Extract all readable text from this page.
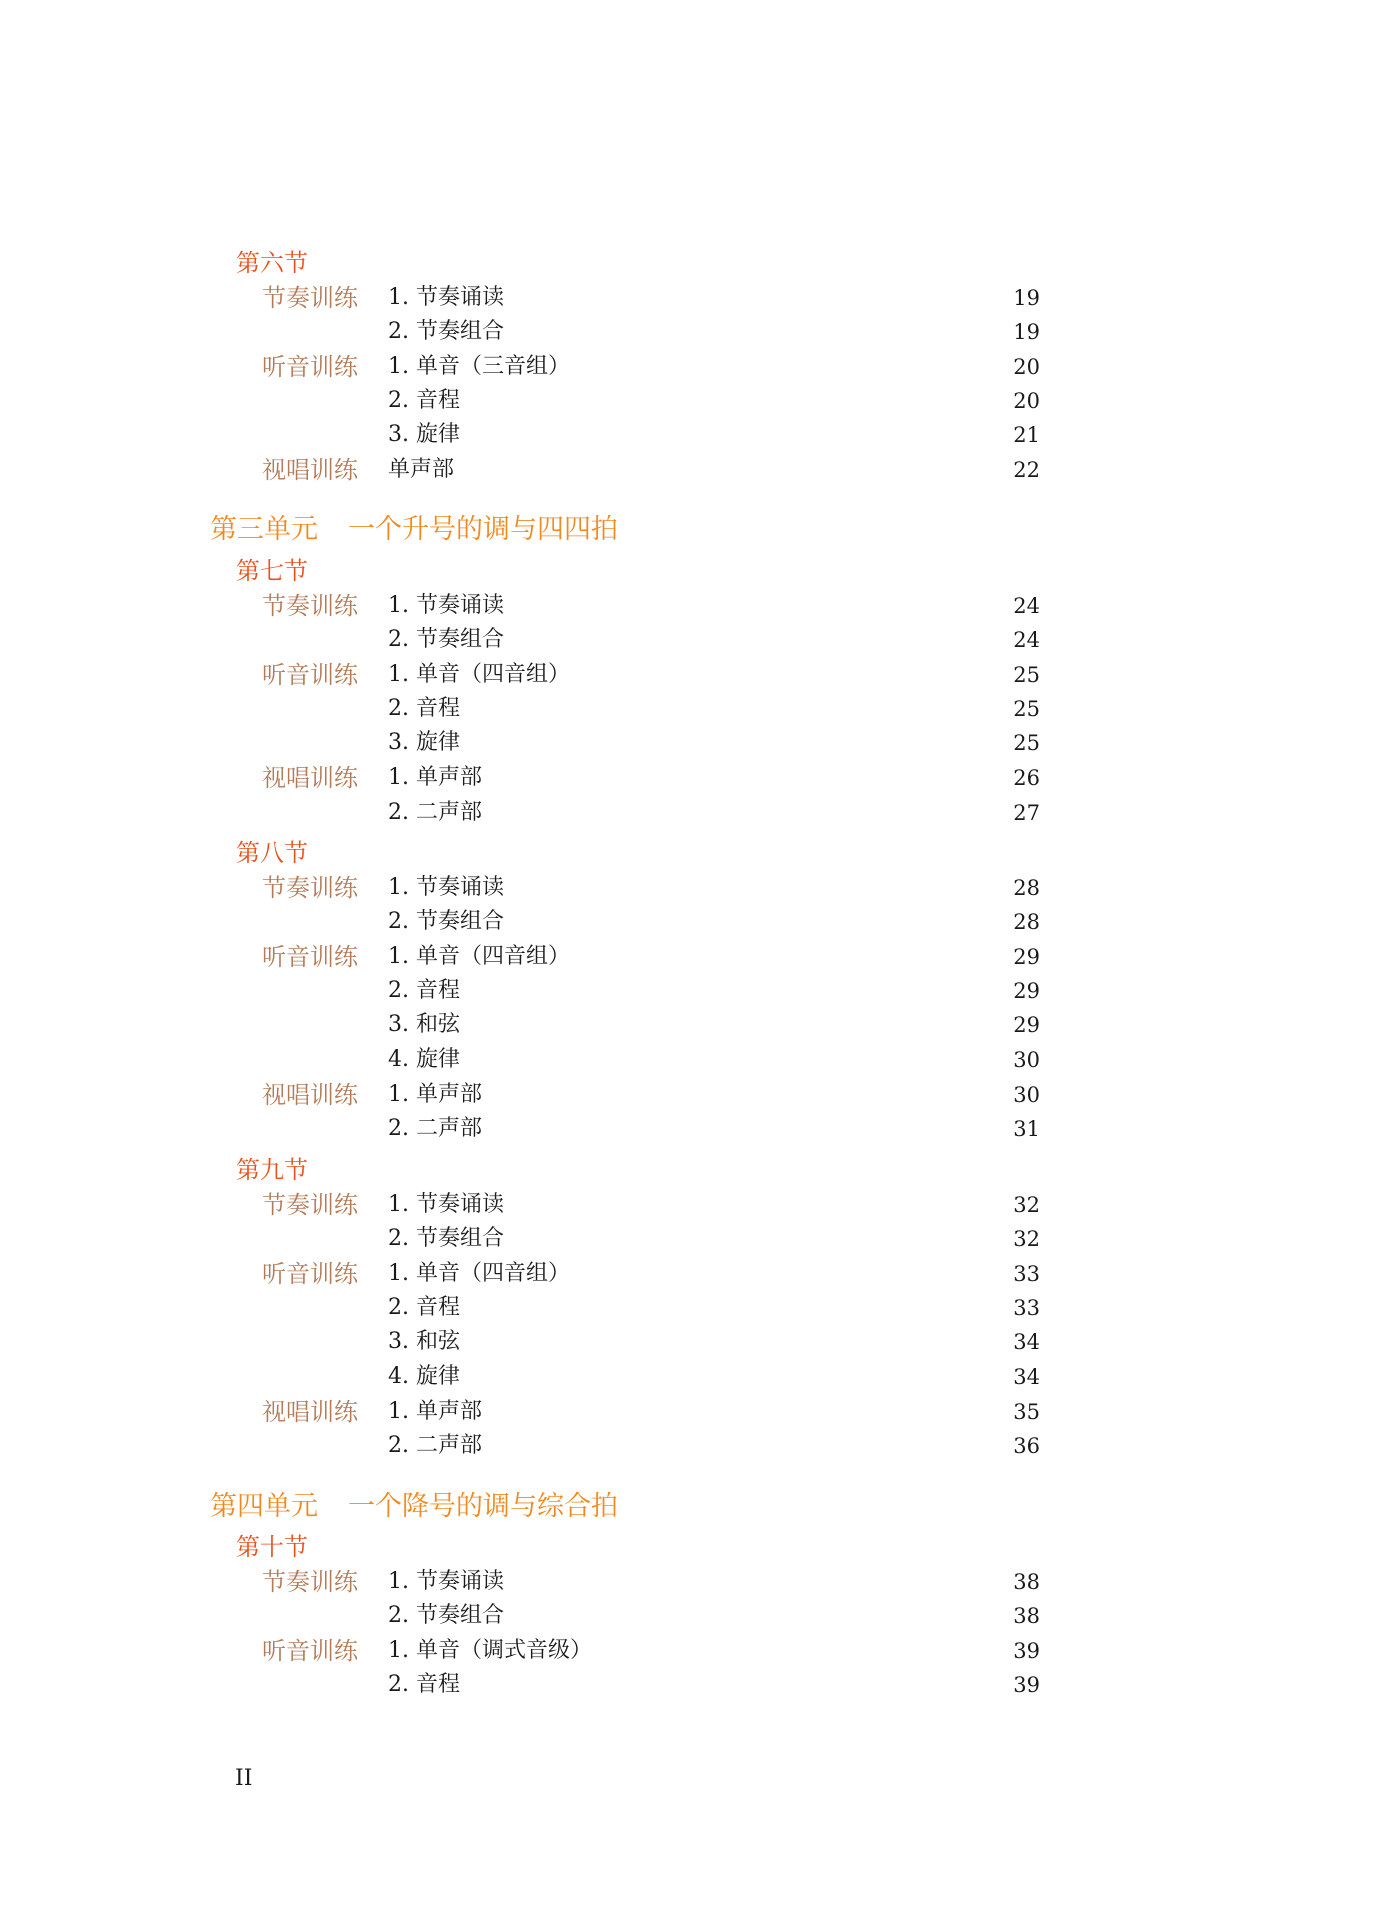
第六节
节奏训练 1. 节奏诵读	19
2. 节奏组合	19
听音训练 1. 单音（三音组）	20
2. 音程	20
3. 旋律	21
视唱训练 单声部	22
第三单元 一个升号的调与四四拍
第七节
节奏训练 1. 节奏诵读	24
2. 节奏组合	24
听音训练 1. 单音（四音组）	25
2. 音程	25
3. 旋律	25
视唱训练 1. 单声部	26
2. 二声部	27
第八节
节奏训练 1. 节奏诵读	28
2. 节奏组合	28
听音训练 1. 单音（四音组）	29
2. 音程	29
3. 和弦	29
4. 旋律	30
视唱训练 1. 单声部	30
2. 二声部	31
第九节
节奏训练 1. 节奏诵读	32
2. 节奏组合	32
听音训练 1. 单音（四音组）	33
2. 音程	33
3. 和弦	34
4. 旋律	34
视唱训练 1. 单声部	35
2. 二声部	36
第四单元 一个降号的调与综合拍
第十节
节奏训练 1. 节奏诵读	38
2. 节奏组合	38
听音训练 1. 单音（调式音级）	39
2. 音程	39
II
